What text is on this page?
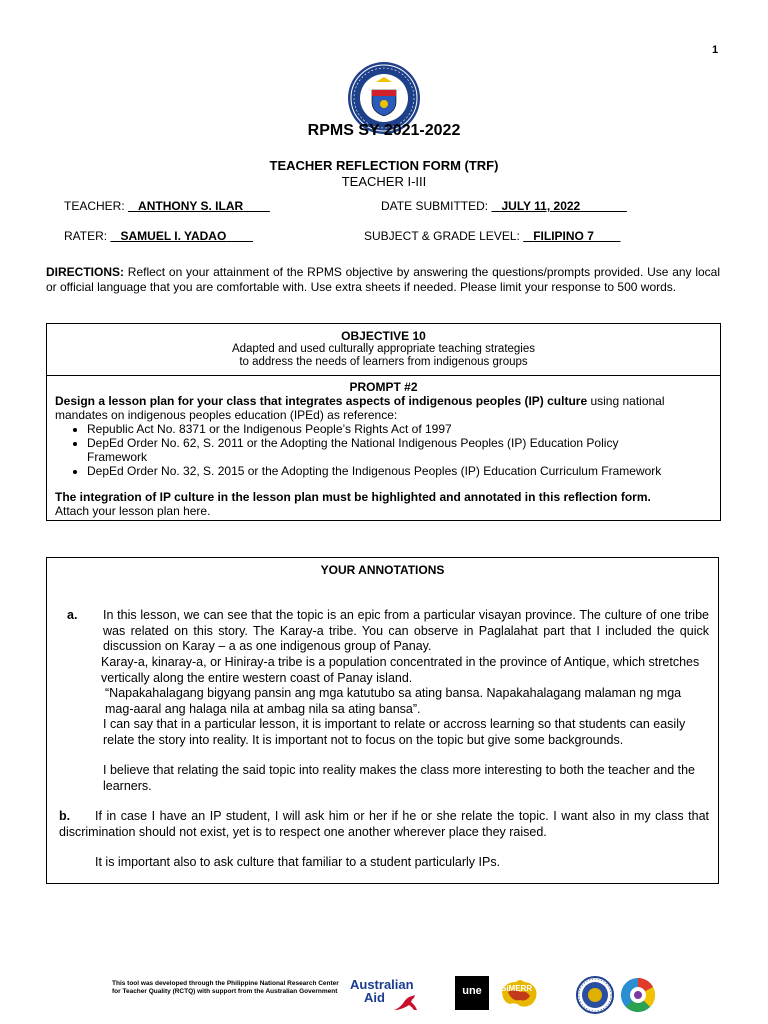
1
RPMS SY 2021-2022
TEACHER REFLECTION FORM (TRF)
TEACHER I-III
TEACHER: ANTHONY S. ILAR	DATE SUBMITTED: JULY 11, 2022
RATER: SAMUEL I. YADAO	SUBJECT & GRADE LEVEL: FILIPINO 7
DIRECTIONS: Reflect on your attainment of the RPMS objective by answering the questions/prompts provided. Use any local or official language that you are comfortable with. Use extra sheets if needed. Please limit your response to 500 words.
OBJECTIVE 10
Adapted and used culturally appropriate teaching strategies
to address the needs of learners from indigenous groups
PROMPT #2
Design a lesson plan for your class that integrates aspects of indigenous peoples (IP) culture using national mandates on indigenous peoples education (IPEd) as reference:
• Republic Act No. 8371 or the Indigenous People’s Rights Act of 1997
• DepEd Order No. 62, S. 2011 or the Adopting the National Indigenous Peoples (IP) Education Policy Framework
• DepEd Order No. 32, S. 2015 or the Adopting the Indigenous Peoples (IP) Education Curriculum Framework
The integration of IP culture in the lesson plan must be highlighted and annotated in this reflection form.
Attach your lesson plan here.
YOUR ANNOTATIONS
a. In this lesson, we can see that the topic is an epic from a particular visayan province. The culture of one tribe was related on this story. The Karay-a tribe. You can observe in Paglalahat part that I included the quick discussion on Karay – a as one indigenous group of Panay.
Karay-a, kinaray-a, or Hiniray-a tribe is a population concentrated in the province of Antique, which stretches vertically along the entire western coast of Panay island.
“Napakahalagang bigyang pansin ang mga katutubo sa ating bansa. Napakahalagang malaman ng mga mag-aaral ang halaga nila at ambag nila sa ating bansa”.
I can say that in a particular lesson, it is important to relate or accross learning so that students can easily relate the story into reality. It is important not to focus on the topic but give some backgrounds.
I believe that relating the said topic into reality makes the class more interesting to both the teacher and the learners.
b.	If in case I have an IP student, I will ask him or her if he or she relate the topic. I want also in my class that discrimination should not exist, yet is to respect one another wherever place they raised.
It is important also to ask culture that familiar to a student particularly IPs.
This tool was developed through the Philippine National Research Center for Teacher Quality (RCTQ) with support from the Australian Government Australian
Aid	une	SiMERR
